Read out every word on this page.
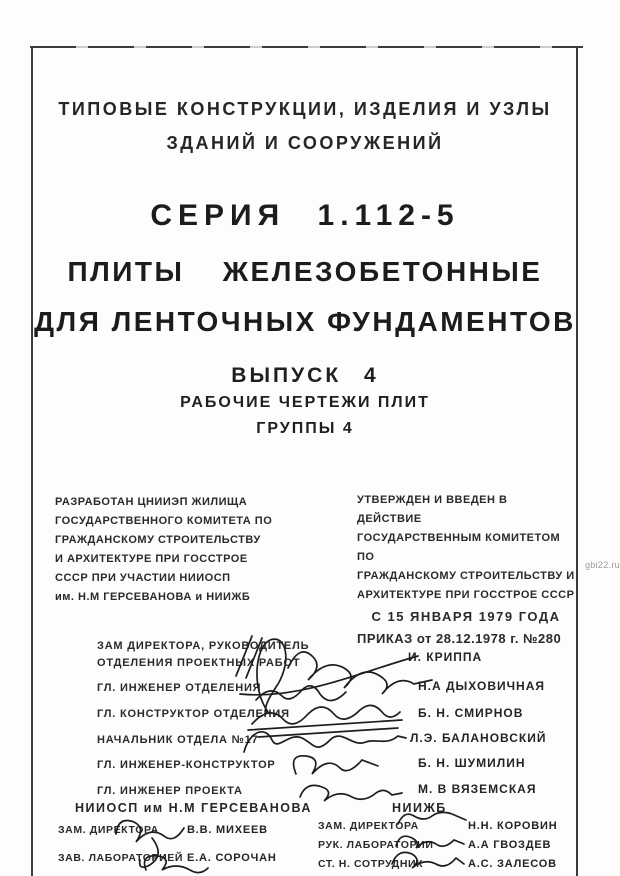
gbi22.ru
ТИПОВЫЕ КОНСТРУКЦИИ, ИЗДЕЛИЯ И УЗЛЫ
ЗДАНИЙ И СООРУЖЕНИЙ
СЕРИЯ 1.112-5
ПЛИТЫ ЖЕЛЕЗОБЕТОННЫЕ
ДЛЯ ЛЕНТОЧНЫХ ФУНДАМЕНТОВ
ВЫПУСК 4
РАБОЧИЕ ЧЕРТЕЖИ ПЛИТ
ГРУППЫ 4
РАЗРАБОТАН ЦНИИЭП ЖИЛИЩА
ГОСУДАРСТВЕННОГО КОМИТЕТА ПО
ГРАЖДАНСКОМУ СТРОИТЕЛЬСТВУ
И АРХИТЕКТУРЕ ПРИ ГОССТРОЕ
СССР ПРИ УЧАСТИИ НИИОСП
им. Н.М ГЕРСЕВАНОВА и НИИЖБ
УТВЕРЖДЕН И ВВЕДЕН В ДЕЙСТВИЕ
ГОСУДАРСТВЕННЫМ КОМИТЕТОМ ПО
ГРАЖДАНСКОМУ СТРОИТЕЛЬСТВУ И
АРХИТЕКТУРЕ ПРИ ГОССТРОЕ СССР
С 15 ЯНВАРЯ 1979 ГОДА
ПРИКАЗ от 28.12.1978 г. №280
ЗАМ ДИРЕКТОРА, РУКОВОДИТЕЛЬ
ОТДЕЛЕНИЯ ПРОЕКТНЫХ РАБОТ	И. КРИППА
ГЛ. ИНЖЕНЕР ОТДЕЛЕНИЯ	Н.А ДЫХОВИЧНАЯ
ГЛ. КОНСТРУКТОР ОТДЕЛЕНИЯ	Б. Н. СМИРНОВ
НАЧАЛЬНИК ОТДЕЛА №17	Л.Э. БАЛАНОВСКИЙ
ГЛ. ИНЖЕНЕР-КОНСТРУКТОР	Б. Н. ШУМИЛИН
ГЛ. ИНЖЕНЕР ПРОЕКТА	М. В ВЯЗЕМСКАЯ
НИИОСП им Н.М ГЕРСЕВАНОВА	НИИЖБ
ЗАМ. ДИРЕКТОРА	В.В. МИХЕЕВ
ЗАВ. ЛАБОРАТОРИЕЙ Е.А. СОРОЧАН
ЗАМ. ДИРЕКТОРА	Н.Н. КОРОВИН
РУК. ЛАБОРАТОРИИ	А.А ГВОЗДЕВ
СТ. Н. СОТРУДНИК	А.С. ЗАЛЕСОВ
